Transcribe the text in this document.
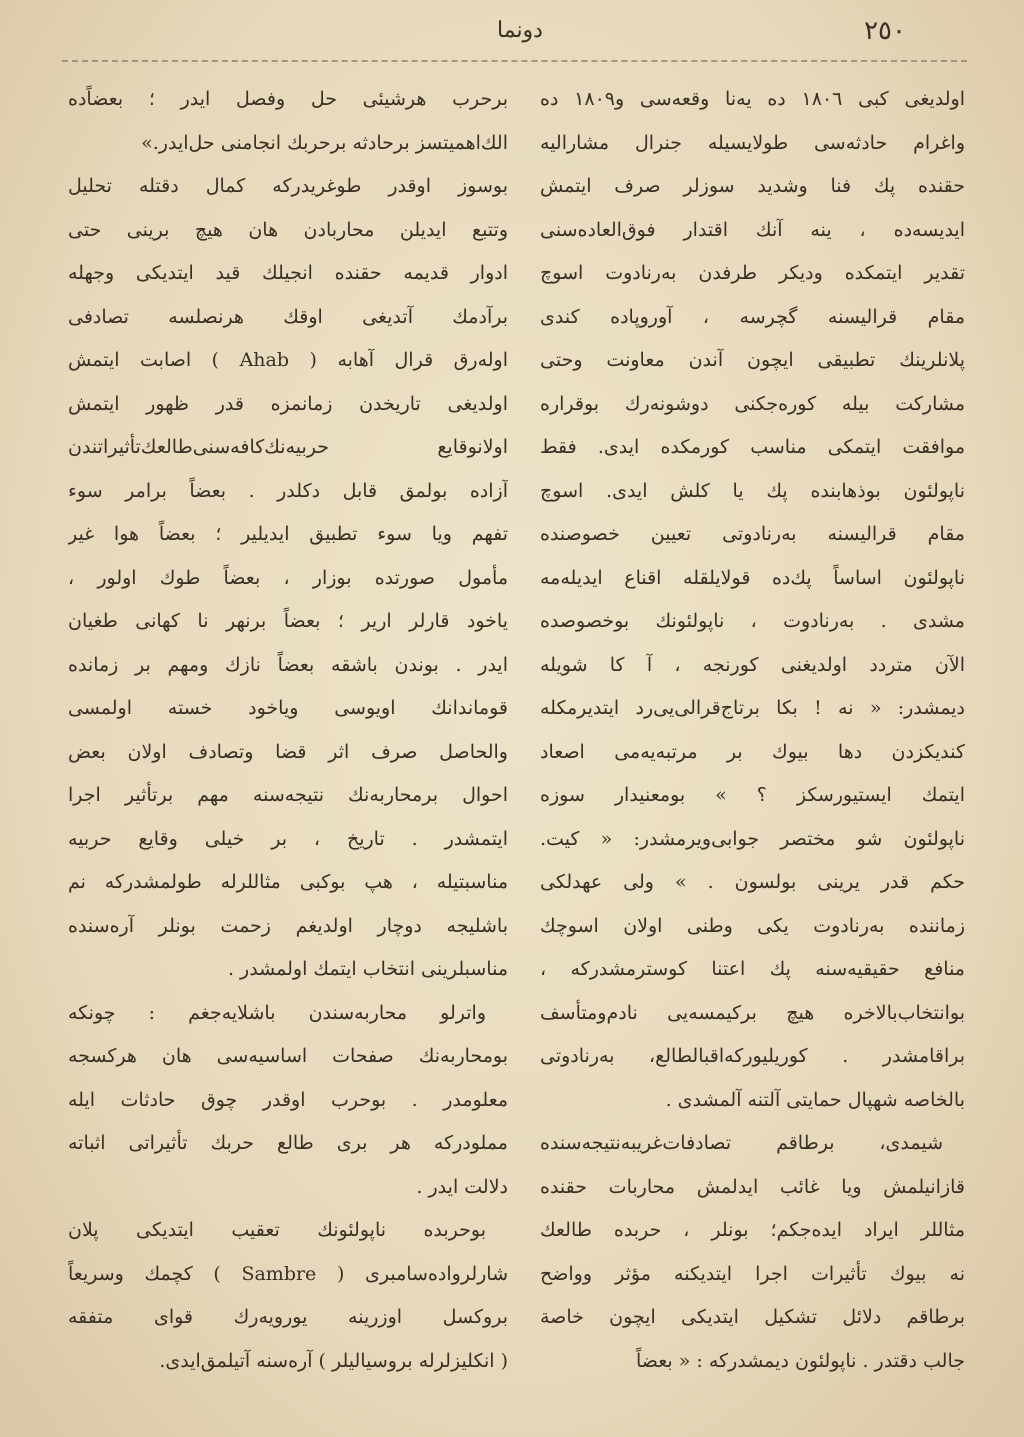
٢٥٠
دونما
اولدیغی کبی ١٨٠٦ ده یه‌نا وقعه‌سی و١٨٠٩ ده
واغرام حادثه‌سی طولایسیله جنرال مشارالیه
حقنده پك فنا وشدید سوزلر صرف ایتمش
ایدیسه‌ده ، ینه آنك اقتدار فوق‌العاده‌سنی
تقدیر ایتمكده ودیكر طرفدن بەرنادوت اسوچ
مقام قرالیسنه گچرسه ، آوروپاده كندی
پلانلرینك تطبیقی ایچون آندن معاونت وحتی
مشاركت بیله كوره‌جكنی دوشونه‌رك بوقراره
موافقت ایتمكی مناسب كورمكده ایدی. فقط
ناپولئون بوذهابنده پك یا كلش ایدی. اسوچ
مقام قرالیسنه بەرنادوتی تعیین خصوصنده
ناپولئون اساساً پك‌ده قولایلقله اقناع ایدیله‌مه‌
مشدی . بەرنادوت ، ناپولئونك بوخصوصده
الآن متردد اولدیغنی كورنجه ، آ كا شویله
دیمشدر: « نه ! بكا برتاج‌قرالی‌یی‌رد ایتدیرمكله
كندیكزدن دها بیوك بر مرتبه‌یه‌می اصعاد
ایتمك ایستیورسكز ؟ » بومعنیدار سوزه
ناپولئون شو مختصر جوابی‌ویرمشدر: « كیت.
حكم قدر یرینی بولسون . » ولی عهدلكی
زماننده بەرنادوت یكی وطنی اولان اسوچك
منافع حقیقیه‌سنه پك اعتنا كوسترمشدركه ،
بوانتخاب‌بالاخره هیچ بركیمسه‌یی نادم‌ومتأسف
براقامشدر . كوریلیوركه‌اقبالطالع، بەرنادوتی
بالخاصه شهپال حمایتی آلتنه آلمشدی .
شیمدی، برطاقم تصادفات‌غریبه‌نتیجه‌سنده
قازانیلمش ویا غائب ایدلمش محاربات حقنده
مثاللر ایراد ایده‌جكم؛ بونلر ، حربده طالعك
نه بیوك تأثیرات اجرا ایتدیكنه مؤثر وواضح
برطاقم دلائل تشكیل ایتدیكی ایچون خاصة
جالب دقتدر . ناپولئون دیمشدركه : « بعضاً
برحرب هرشیئی حل وفصل ایدر ؛ بعضاً‌ده
الك‌اهمیتسز برحادثه برحربك انجامنی حل‌ایدر.»
بوسوز اوقدر طوغریدركه كمال دقتله تحلیل
وتتبع ایدیلن محاربادن هان هیچ برینی حتی
ادوار قدیمه حقنده انجیلك قید ایتدیكی وجهله
برآدمك آتدیغی اوقك هرنصلسه تصادفی
اوله‌رق قرال آهابه ( Ahab ) اصابت ایتمش
اولدیغی تاریخدن زمانمزه قدر ظهور ایتمش
اولانوقایع حربیه‌نك‌كافه‌سنی‌طالعك‌تأثیراتندن
آزاده بولمق قابل دكلدر . بعضاً برامر سوء
تفهم ویا سوء تطبیق ایدیلیر ؛ بعضاً هوا غیر
مأمول صورتده بوزار ، بعضاً طوك اولور ،
یاخود قارلر اریر ؛ بعضاً برنهر نا كهانی طغیان
ایدر . بوندن باشقه بعضاً نازك ومهم بر زمانده
قوماندانك اویوسی ویاخود خسته اولمسی
والحاصل صرف اثر قضا وتصادف اولان بعض
احوال برمحاربه‌نك نتیجه‌سنه مهم برتأثیر اجرا
ایتمشدر . تاریخ ، بر خیلی وقایع حربیه
مناسبتیله ، هپ بوكبی مثاللرله طولمشدركه نم
باشلیجه دوچار اولدیغم زحمت بونلر آره‌سنده
مناسبلرینی انتخاب ایتمك اولمشدر .
واترلو محاربه‌سندن باشلایه‌جغم : چونكه
بومحاربه‌نك صفحات اساسیه‌سی هان هركسجه
معلومدر . بوحرب اوقدر چوق حادثات ایله
مملودركه هر بری طالع حربك تأثیراتی اثباته
دلالت ایدر .
بوحربده ناپولئونك تعقیب ایتدیكی پلان
شارلروا‌ده‌سامبری ( Sambre ) كچمك وسریعاً
بروكسل اوزرینه یورویه‌رك قوای متفقه
( انكلیزلرله بروسیالیلر ) آره‌سنه آتیلمق‌ایدی.
